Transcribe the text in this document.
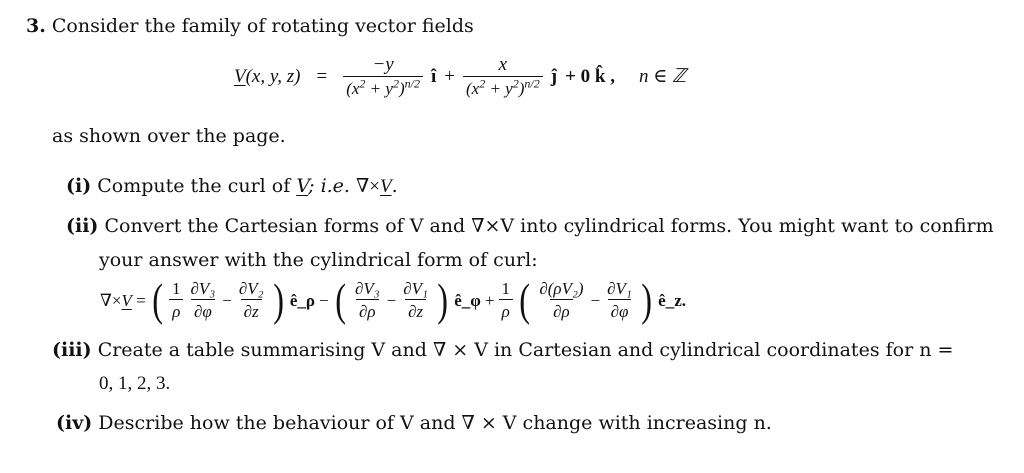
3. Consider the family of rotating vector fields
V(x, y, $z) = \frac{-y}{(x^2 + y^2)^{n/2}}$ î + $\frac{x}{(x^2 + y^2)^{n/2}}$ ĵ + 0 k̂ , n ∈ ℤ
as shown over the page.
(i) Compute the curl of V; i.e. ∇×V.
(ii) Convert the Cartesian forms of V and ∇×V into cylindrical forms. You might want to confirm
your answer with the cylindrical form of curl:
∇×V = ( $\frac{1}{\rho} \frac{\text{∂V₃}}{\partial\varphi} - \frac{\text{∂V₂}}{\partial z}$ ) ê_ρ − ( $\frac{\text{∂V₃}}{\partial\rho} - \frac{\text{∂V₁}}{\partial z}$ ) ê_φ + $\frac{1}{\rho}$ ( $\frac{\text{∂(ρV₂)}}{\partial\rho} - \frac{\text{∂V₁}}{\partial\varphi}$ ) ê_z.
(iii) Create a table summarising V and ∇ × V in Cartesian and cylindrical coordinates for n =
0, 1, 2, 3.
(iv) Describe how the behaviour of V and ∇ × V change with increasing n.
